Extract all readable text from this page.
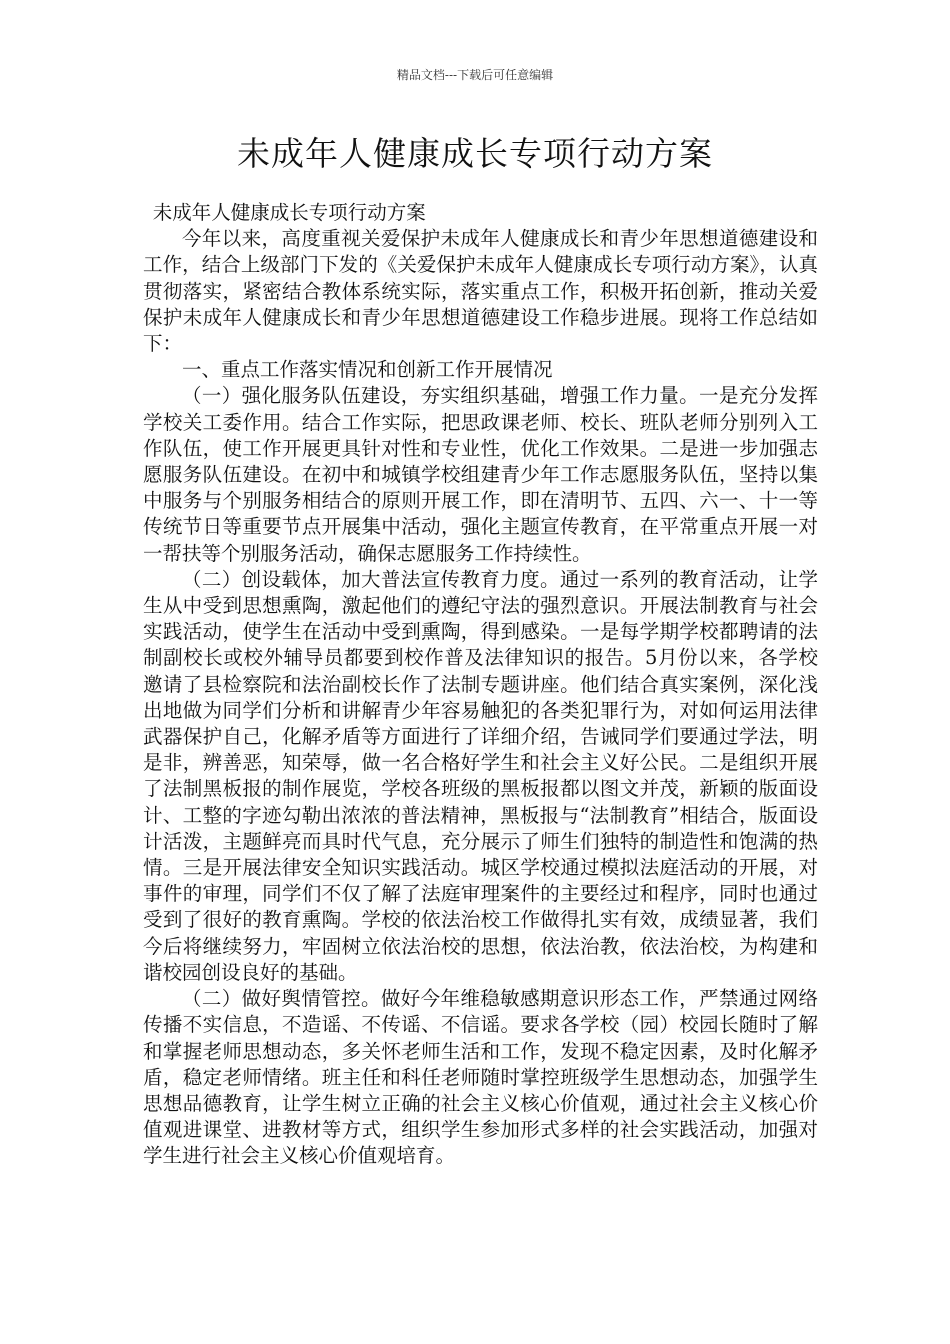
精品文档---下载后可任意编辑
未成年人健康成长专项行动方案

未成年人健康成长专项行动方案

今年以来，高度重视关爱保护未成年人健康成长和青少年思想道德建设和工作，结合上级部门下发的《关爱保护未成年人健康成长专项行动方案》，认真贯彻落实，紧密结合教体系统实际，落实重点工作，积极开拓创新，推动关爱保护未成年人健康成长和青少年思想道德建设工作稳步进展。现将工作总结如下：

一、重点工作落实情况和创新工作开展情况

（一）强化服务队伍建设，夯实组织基础，增强工作力量。一是充分发挥学校关工委作用。结合工作实际，把思政课老师、校长、班队老师分别列入工作队伍，使工作开展更具针对性和专业性，优化工作效果。二是进一步加强志愿服务队伍建设。在初中和城镇学校组建青少年工作志愿服务队伍，坚持以集中服务与个别服务相结合的原则开展工作，即在清明节、五四、六一、十一等传统节日等重要节点开展集中活动，强化主题宣传教育，在平常重点开展一对一帮扶等个别服务活动，确保志愿服务工作持续性。

（二）创设载体，加大普法宣传教育力度。通过一系列的教育活动，让学生从中受到思想熏陶，激起他们的遵纪守法的强烈意识。开展法制教育与社会实践活动，使学生在活动中受到熏陶，得到感染。一是每学期学校都聘请的法制副校长或校外辅导员都要到校作普及法律知识的报告。5月份以来，各学校邀请了县检察院和法治副校长作了法制专题讲座。他们结合真实案例，深化浅出地做为同学们分析和讲解青少年容易触犯的各类犯罪行为，对如何运用法律武器保护自己，化解矛盾等方面进行了详细介绍，告诫同学们要通过学法，明是非，辨善恶，知荣辱，做一名合格好学生和社会主义好公民。二是组织开展了法制黑板报的制作展览，学校各班级的黑板报都以图文并茂，新颖的版面设计、工整的字迹勾勒出浓浓的普法精神，黑板报与“法制教育”相结合，版面设计活泼，主题鲜亮而具时代气息，充分展示了师生们独特的制造性和饱满的热情。三是开展法律安全知识实践活动。城区学校通过模拟法庭活动的开展，对事件的审理，同学们不仅了解了法庭审理案件的主要经过和程序，同时也通过受到了很好的教育熏陶。学校的依法治校工作做得扎实有效，成绩显著，我们今后将继续努力，牢固树立依法治校的思想，依法治教，依法治校，为构建和谐校园创设良好的基础。

（二）做好舆情管控。做好今年维稳敏感期意识形态工作，严禁通过网络传播不实信息，不造谣、不传谣、不信谣。要求各学校（园）校园长随时了解和掌握老师思想动态，多关怀老师生活和工作，发现不稳定因素，及时化解矛盾，稳定老师情绪。班主任和科任老师随时掌控班级学生思想动态，加强学生思想品德教育，让学生树立正确的社会主义核心价值观，通过社会主义核心价值观进课堂、进教材等方式，组织学生参加形式多样的社会实践活动，加强对学生进行社会主义核心价值观培育。
